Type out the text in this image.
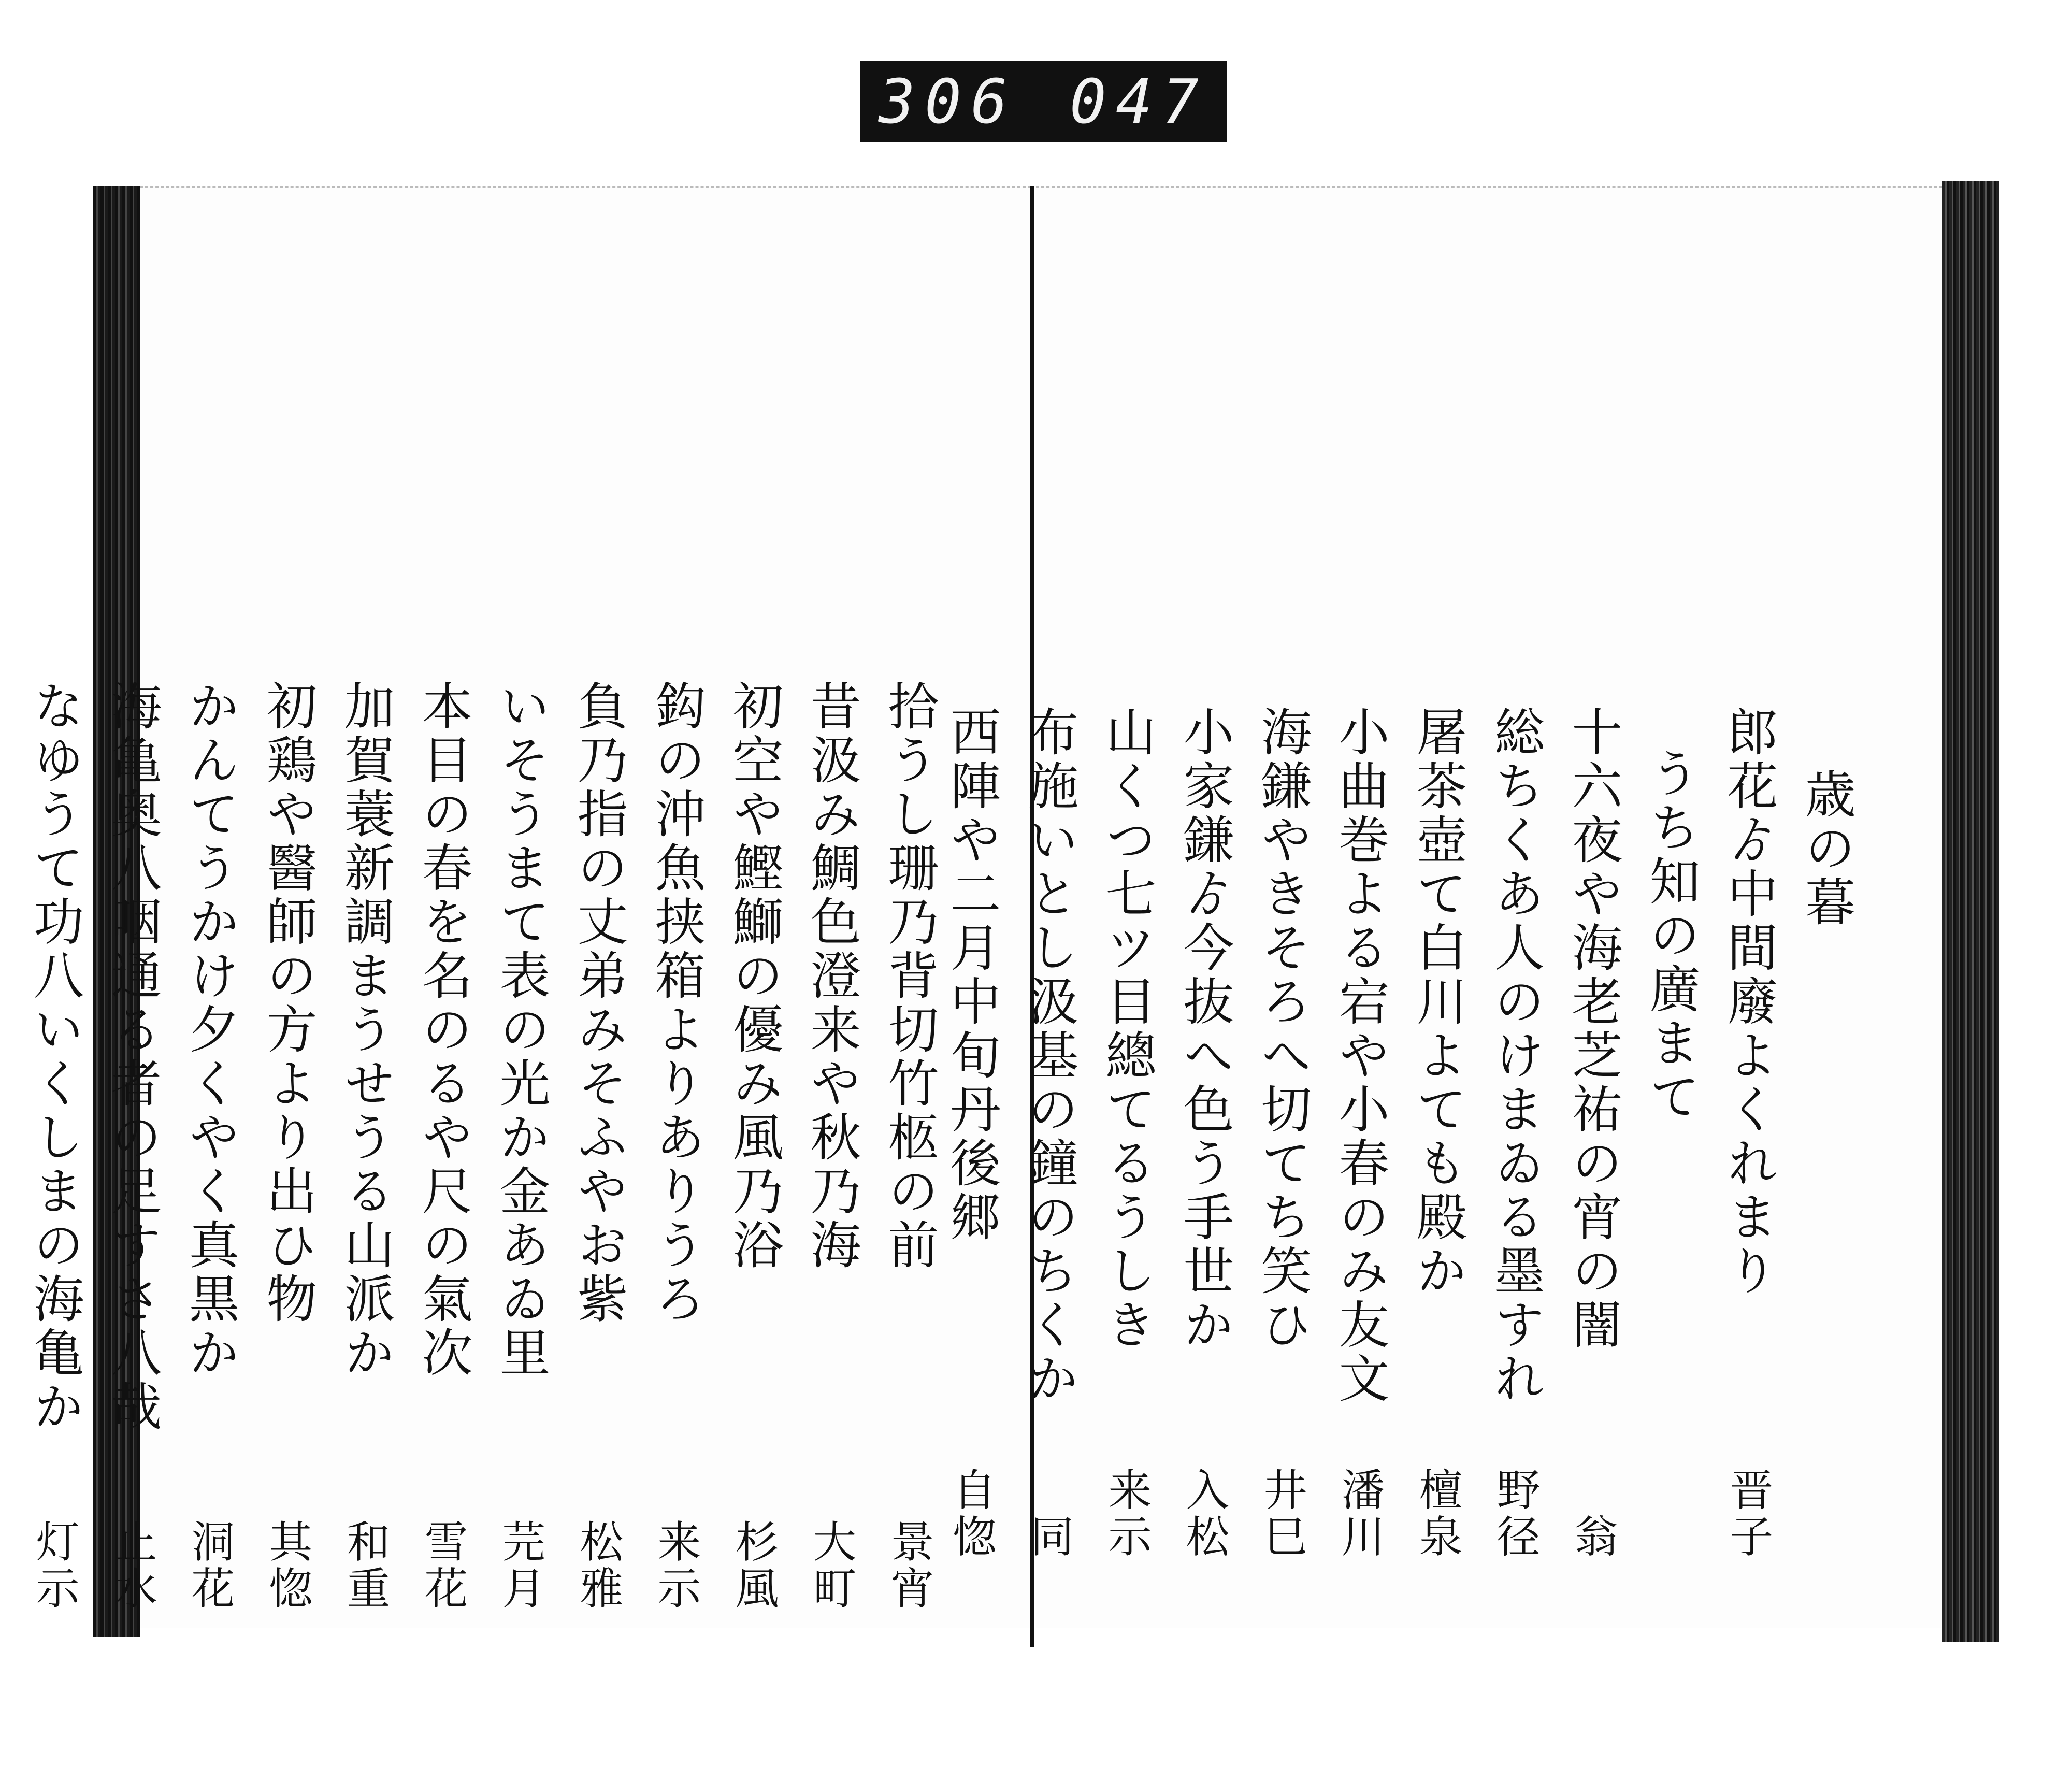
306 047
拾うし珊乃背切竹柩の前
景宵
昔汲み鯛色澄来や秋乃海
大町
初空や鰹鰤の優み風乃浴
杉風
鈎の沖魚挟箱よりありうろ
来示
負乃指の丈弟みそふやお紫
松雅
いそうまて表の光か金あゐ里
芫月
本目の春を名のるや尺の氣次
雪花
加賀蓑新調まうせうる山派か
和重
初鶏や醫師の方より出ひ物
其惚
かんてうかけ夕くやく真黒か
洞花
海亀奥八咽通る者の足すさ八哉
止水
なゆうて功八いくしまの海亀か
灯示
歳の暮
郎花ゟ中間廢よくれまり
晋子
うち知の廣まて
十六夜や海老芝祐の宵の闇
翁
総ちくあ人のけまゐる墨すれ
野径
屠茶壺て白川よても殿か
檀泉
小曲巻よる宕や小春のみ友文
潘川
海鎌やきそろへ切てち笑ひ
井巳
小家鎌ゟ今抜へ色う手世か
入松
山くつ七ツ目總てるうしき
来示
布施いとし汲基の鐘のちくか
同
西陣や二月中旬丹後郷
自惚
